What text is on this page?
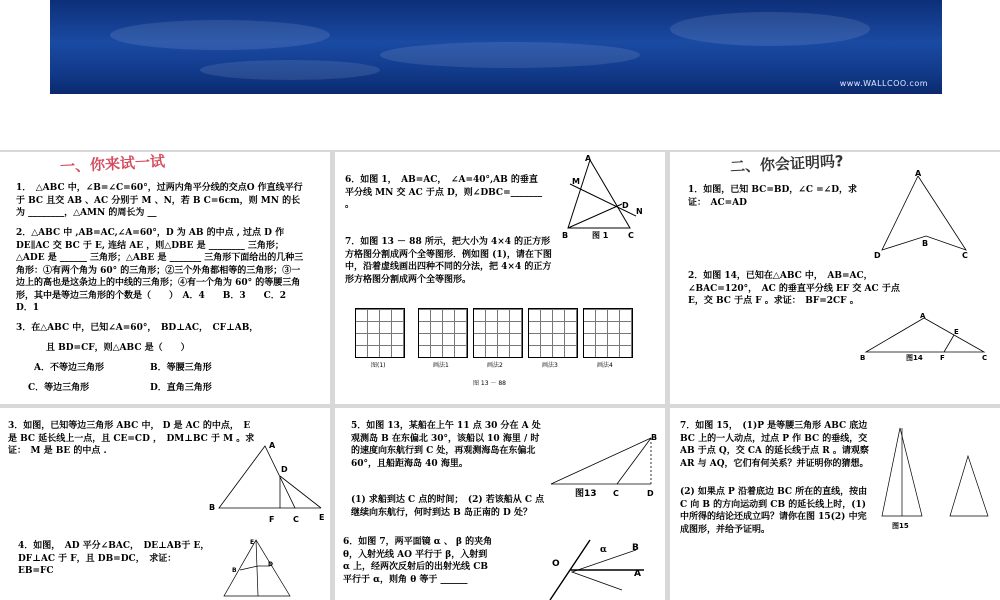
www.WALLCOO.com
一、你来试一试

1．　△ABC 中，∠B=∠C=60°，过两内角平分线的交点O 作直线平行于 BC 且交 AB 、AC 分别于 M 、N，若 B C=6cm，则 MN 的长为 ________，△AMN 的周长为 __

2．△ABC 中 ,AB=AC,∠A=60°，D 为 AB 的中点 , 过点 D 作 DE∥AC 交 BC 于 E, 连结 AE ，则△DBE 是 ________ 三角形；△ADE 是 ______ 三角形；△ABE 是 _______ 三角形下面给出的几种三角形：①有两个角为 60° 的三角形；②三个外角都相等的三角形；③一边上的高也是这条边上的中线的三角形；④有一个角为 60° 的等腰三角形，其中是等边三角形的个数是（　　）　A．4　　B．3　　C．2　　D．1

3．在△ABC 中，已知∠A=60°，　BD⊥AC，　CF⊥AB，

且 BD=CF，则△ABC 是（　　）

A．不等边三角形	B．等腰三角形

C．等边三角形	D．直角三角形

6．如图 1，　AB=AC，　∠A=40°,AB 的垂直平分线 MN 交 AC 于点 D，则∠DBC=_______ 。

A
M
D
N
B	C
图 1

7．如图 13 － 88 所示，把大小为 4×4 的正方形方格图分割成两个全等图形．例如图 (1)，请在下图中，沿着虚线画出四种不同的分法，把 4×4 的正方形方格图分割成两个全等图形。

图(1)	画法1	画法2	画法3	画法4
图 13 － 88
二、你会证明吗?

1．如图，已知 BC=BD，∠C =∠D，求证：　AC=AD

A
D
B
C

2．如图 14，已知在△ABC 中，　AB=AC，∠BAC=120°，　AC 的垂直平分线 EF 交 AC 于点 E，交 BC 于点 F 。求证：　BF=2CF 。

A
E
B	F	C
图14

3．如图，已知等边三角形 ABC 中， D 是 AC 的中点，　E 是 BC 延长线上一点，且 CE=CD ，　DM⊥BC 于 M 。求证：　M 是 BE 的中点 .

A
D
B
F C	E

4．如图，　AD 平分∠BAC，　DE⊥AB于 E，　DF⊥AC 于 F，且 DB=DC，　求证：　EB=FC

E
B
D

5．如图 13，某船在上午 11 点 30 分在 A 处观测岛 B 在东偏北 30°，该船以 10 海里 / 时的速度向东航行到 C 处，再观测海岛在东偏北 60°，且船距海岛 40 海里。

B
图13 C	D

(1) 求船到达 C 点的时间；　(2) 若该船从 C 点继续向东航行，何时到达 B 岛正南的 D 处？

6．如图 7，两平面镜 α 、 β 的夹角　θ，入射光线 AO 平行于 β，入射到 α 上，经两次反射后的出射光线 CB 平行于 α，则角 θ 等于 ______

α	B
A
O

7．如图 15，　(1)P 是等腰三角形 ABC 底边 BC 上的一人动点，过点 P 作 BC 的垂线，交 AB 于点 Q，交 CA 的延长线于点 R 。请观察 AR 与 AQ，它们有何关系？并证明你的猜想。

(2) 如果点 P 沿着底边 BC 所在的直线，按由 C 向 B 的方向运动到 CB 的延长线上时，(1) 中所得的结论还成立吗？请你在图 15(2) 中完成图形，并给予证明。	图15
